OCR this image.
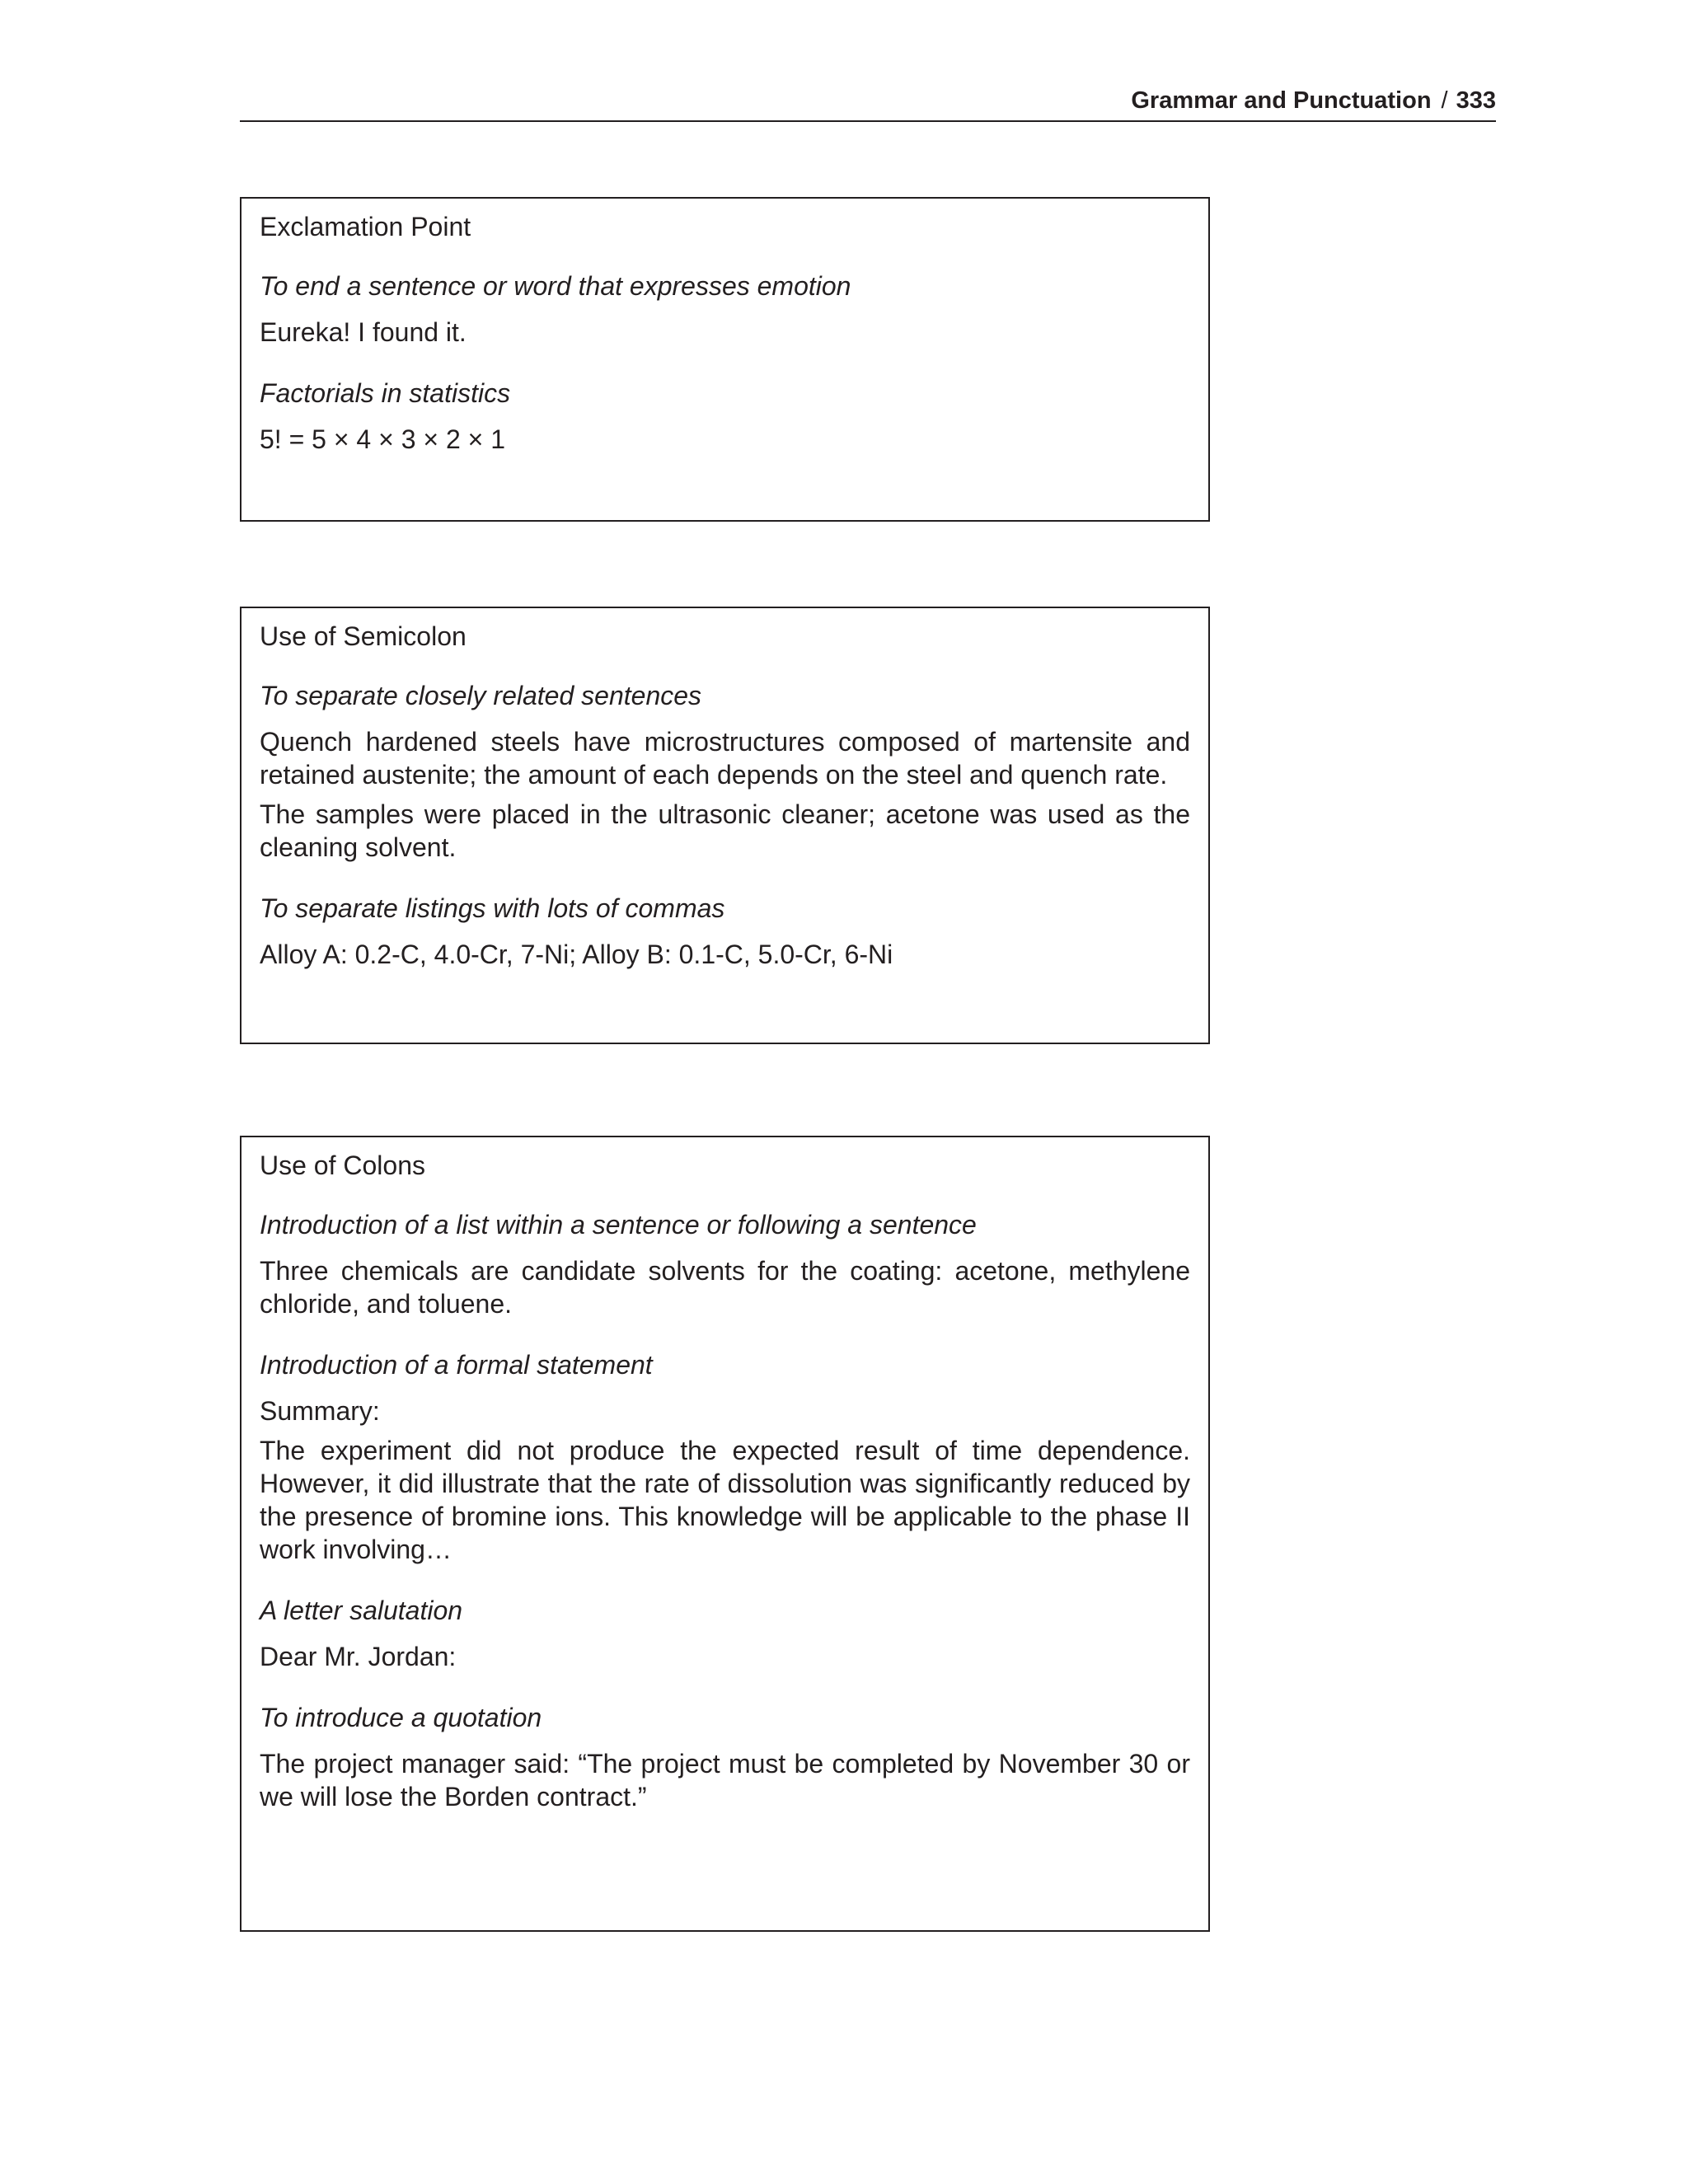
Grammar and Punctuation / 333
Exclamation Point
To end a sentence or word that expresses emotion
Eureka! I found it.
Factorials in statistics
5! = 5 × 4 × 3 × 2 × 1
Use of Semicolon
To separate closely related sentences
Quench hardened steels have microstructures composed of martensite and retained austenite; the amount of each depends on the steel and quench rate.
The samples were placed in the ultrasonic cleaner; acetone was used as the cleaning solvent.
To separate listings with lots of commas
Alloy A: 0.2-C, 4.0-Cr, 7-Ni; Alloy B: 0.1-C, 5.0-Cr, 6-Ni
Use of Colons
Introduction of a list within a sentence or following a sentence
Three chemicals are candidate solvents for the coating: acetone, methylene chloride, and toluene.
Introduction of a formal statement
Summary:
The experiment did not produce the expected result of time dependence. However, it did illustrate that the rate of dissolution was significantly reduced by the presence of bromine ions. This knowledge will be applicable to the phase II work involving…
A letter salutation
Dear Mr. Jordan:
To introduce a quotation
The project manager said: “The project must be completed by November 30 or we will lose the Borden contract.”
